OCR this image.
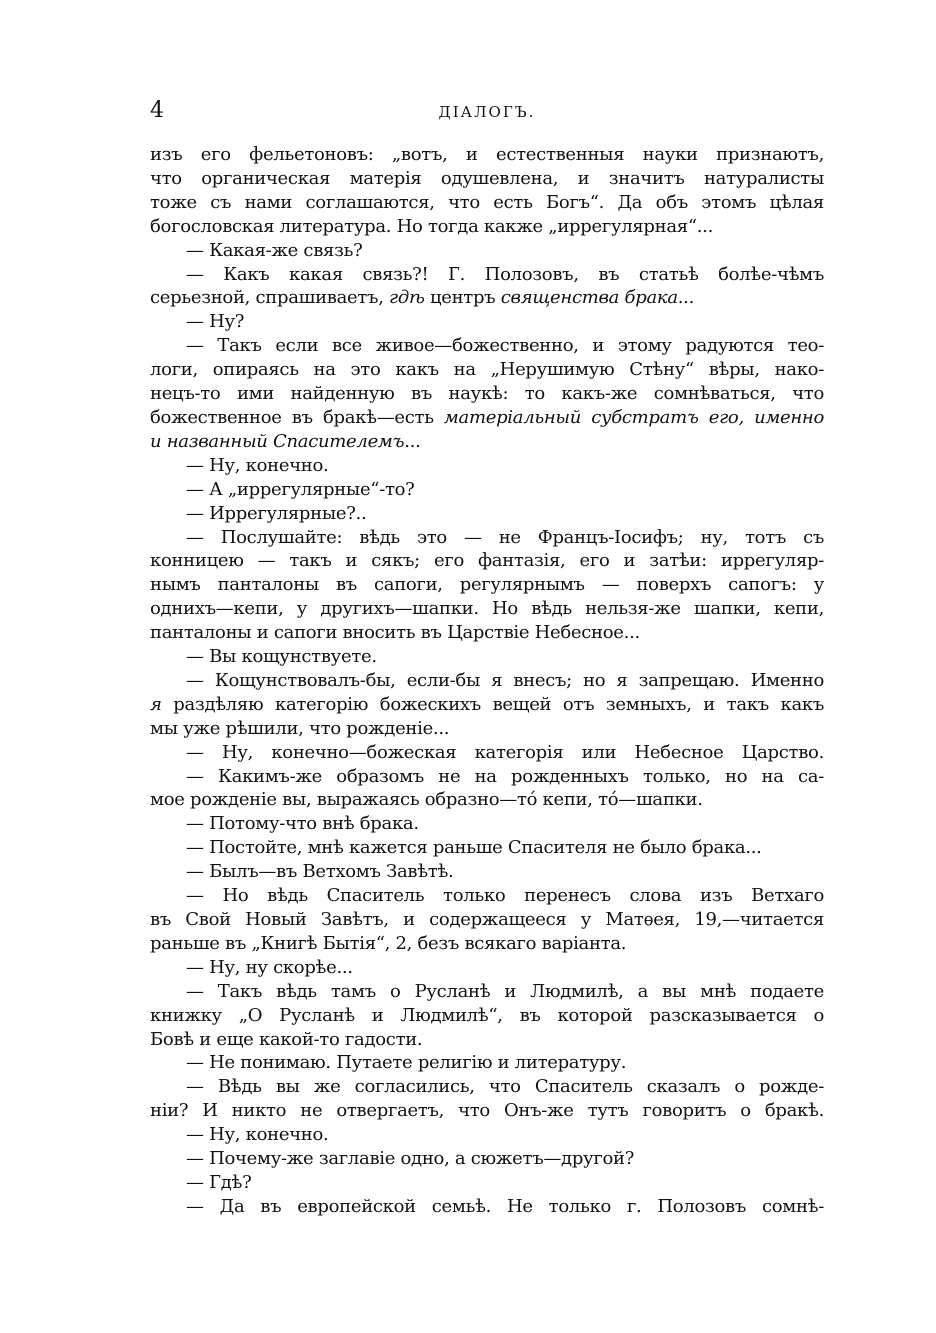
4	ДІАЛОГЪ.
изъ его фельетоновъ: „вотъ, и естественныя науки признаютъ,
что органическая матерія одушевлена, и значитъ натуралисты
тоже съ нами соглашаются, что есть Богъ“. Да объ этомъ цѣлая
богословская литература. Но тогда какже „иррегулярная“...
— Какая-же связь?
— Какъ какая связь?! Г. Полозовъ, въ статьѣ болѣе-чѣмъ
серьезной, спрашиваетъ, гдѣ центръ священства брака...
— Ну?
— Такъ если все живое—божественно, и этому радуются тео-
логи, опираясь на это какъ на „Нерушимую Стѣну“ вѣры, нако-
нецъ-то ими найденную въ наукѣ: то какъ-же сомнѣваться, что
божественное въ бракѣ—есть матеріальный субстратъ его, именно
и названный Спасителемъ...
— Ну, конечно.
— А „иррегулярные“-то?
— Иррегулярные?..
— Послушайте: вѣдь это — не Францъ-Іосифъ; ну, тотъ съ
конницею — такъ и сякъ; его фантазія, его и затѣи: иррегуляр-
нымъ панталоны въ сапоги, регулярнымъ — поверхъ сапогъ: у
однихъ—кепи, у другихъ—шапки. Но вѣдь нельзя-же шапки, кепи,
панталоны и сапоги вносить въ Царствіе Небесное...
— Вы кощунствуете.
— Кощунствовалъ-бы, если-бы я внесъ; но я запрещаю. Именно
я раздѣляю категорію божескихъ вещей отъ земныхъ, и такъ какъ
мы уже рѣшили, что рожденіе...
— Ну, конечно—божеская категорія или Небесное Царство.
— Какимъ-же образомъ не на рожденныхъ только, но на са-
мое рожденіе вы, выражаясь образно—тó кепи, тó—шапки.
— Потому-что внѣ брака.
— Постойте, мнѣ кажется раньше Спасителя не было брака...
— Былъ—въ Ветхомъ Завѣтѣ.
— Но вѣдь Спаситель только перенесъ слова изъ Ветхаго
въ Свой Новый Завѣтъ, и содержащееся у Матѳея, 19,—читается
раньше въ „Книгѣ Бытія“, 2, безъ всякаго варіанта.
— Ну, ну скорѣе...
— Такъ вѣдь тамъ о Русланѣ и Людмилѣ, а вы мнѣ подаете
книжку „О Русланѣ и Людмилѣ“, въ которой разсказывается о
Бовѣ и еще какой-то гадости.
— Не понимаю. Путаете религію и литературу.
— Вѣдь вы же согласились, что Спаситель сказалъ о рожде-
ніи? И никто не отвергаетъ, что Онъ-же тутъ говоритъ о бракѣ.
— Ну, конечно.
— Почему-же заглавіе одно, а сюжетъ—другой?
— Гдѣ?
— Да въ европейской семьѣ. Не только г. Полозовъ сомнѣ-
